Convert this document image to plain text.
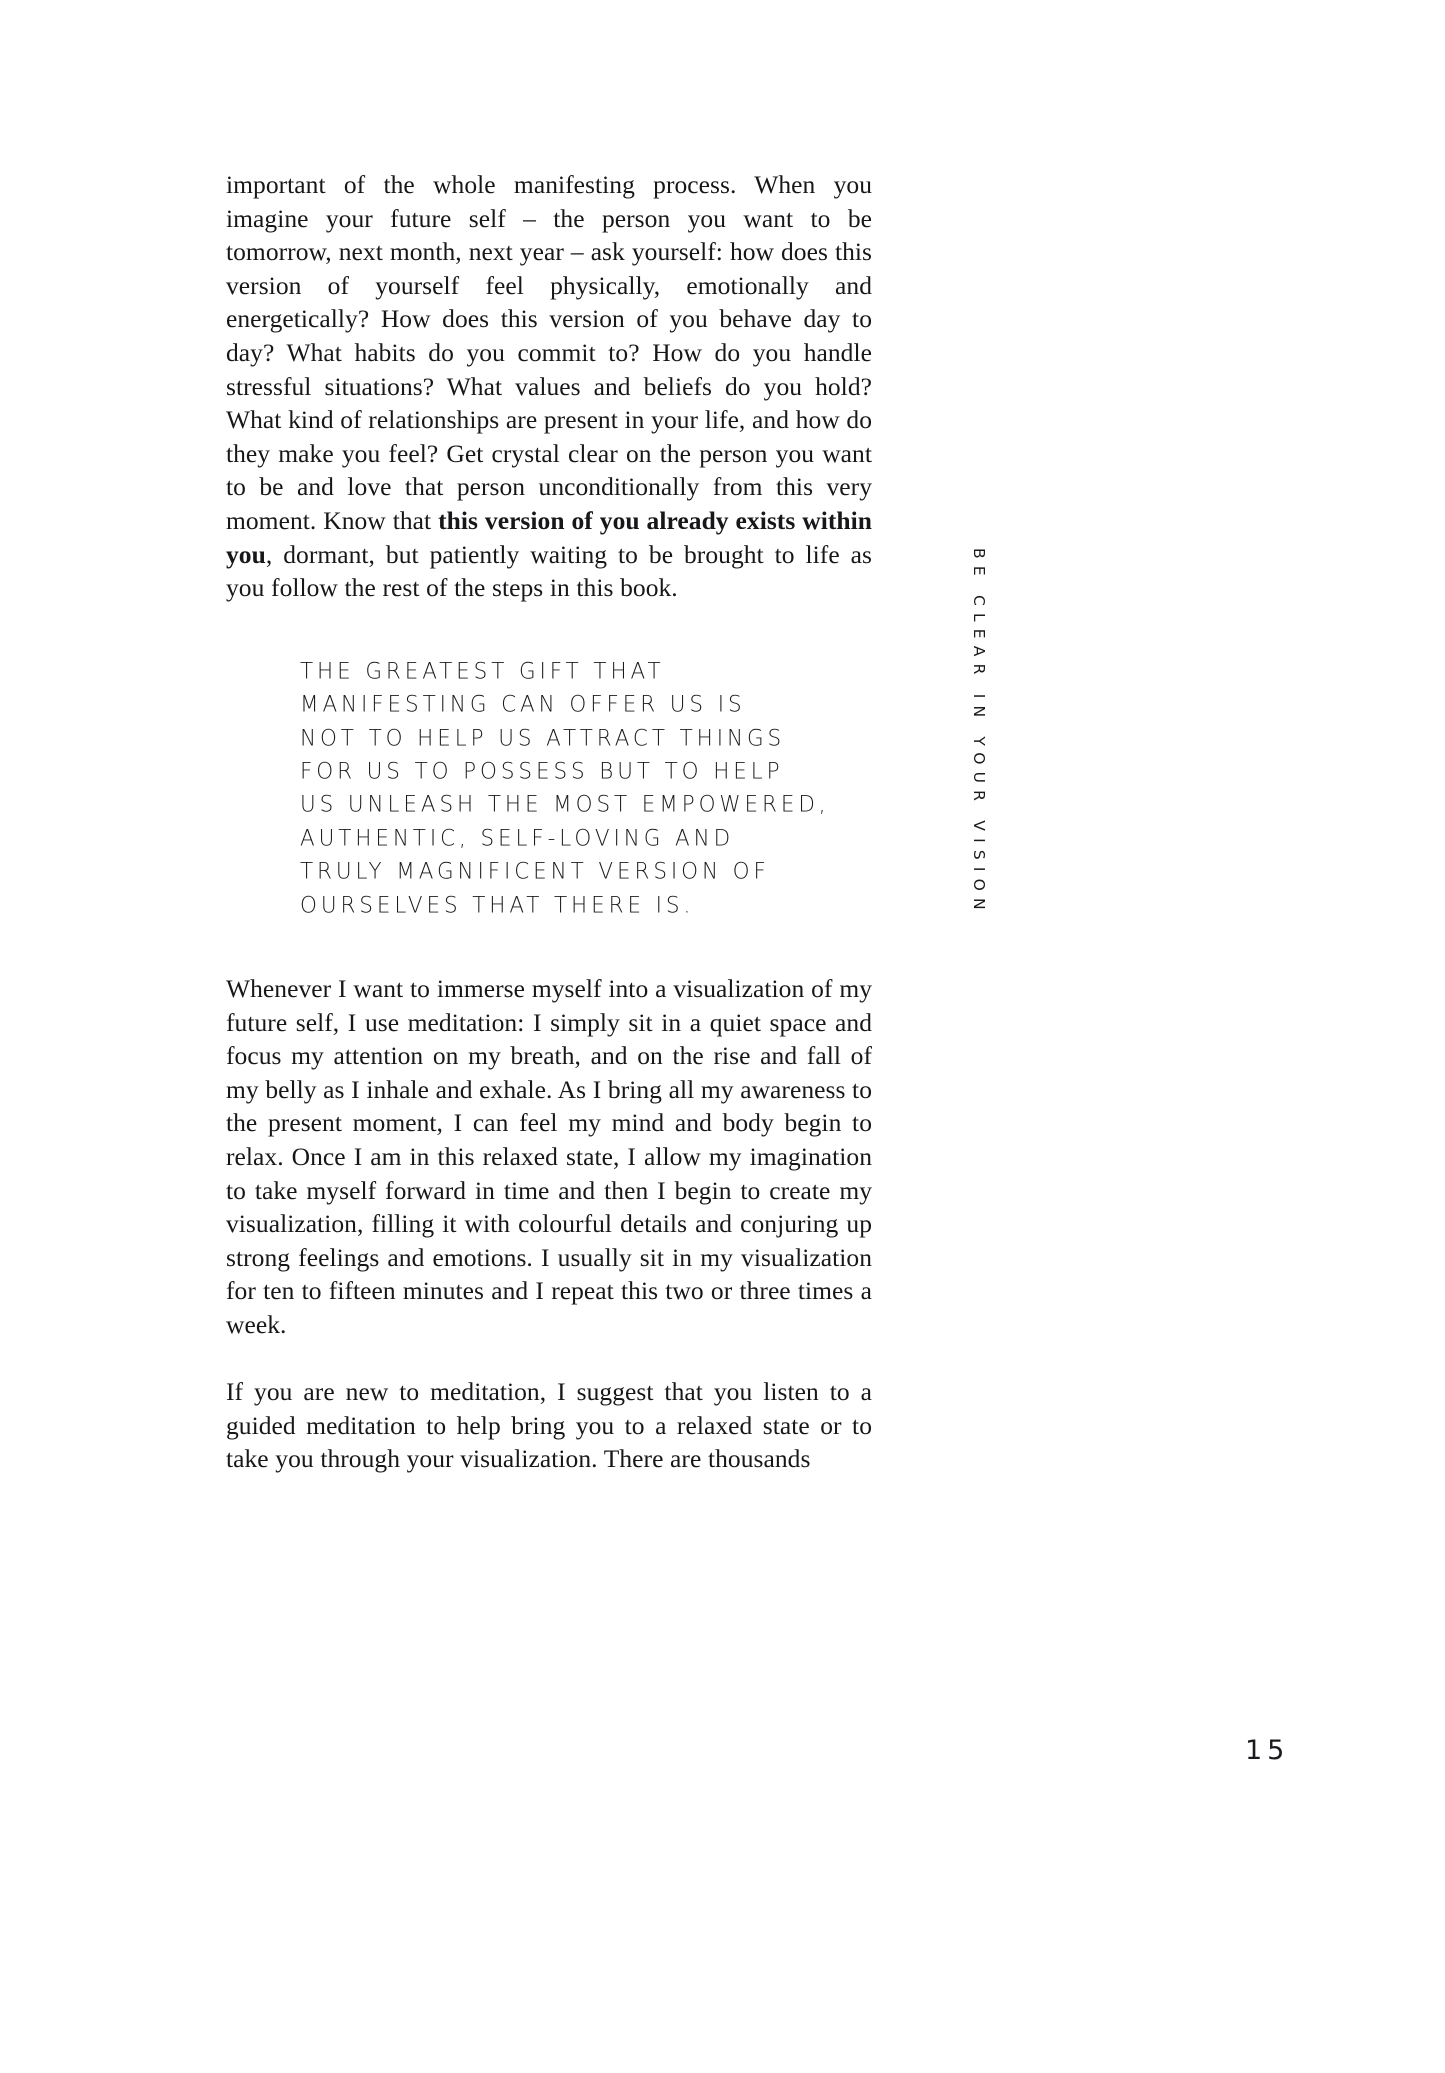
important of the whole manifesting process. When you imagine your future self – the person you want to be tomorrow, next month, next year – ask yourself: how does this version of yourself feel physically, emotionally and energetically? How does this version of you behave day to day? What habits do you commit to? How do you handle stressful situations? What values and beliefs do you hold? What kind of relationships are present in your life, and how do they make you feel? Get crystal clear on the person you want to be and love that person unconditionally from this very moment. Know that this version of you already exists within you, dormant, but patiently waiting to be brought to life as you follow the rest of the steps in this book.

THE GREATEST GIFT THAT
MANIFESTING CAN OFFER US IS
NOT TO HELP US ATTRACT THINGS
FOR US TO POSSESS BUT TO HELP
US UNLEASH THE MOST EMPOWERED,
AUTHENTIC, SELF-LOVING AND
TRULY MAGNIFICENT VERSION OF
OURSELVES THAT THERE IS.

Whenever I want to immerse myself into a visualization of my future self, I use meditation: I simply sit in a quiet space and focus my attention on my breath, and on the rise and fall of my belly as I inhale and exhale. As I bring all my awareness to the present moment, I can feel my mind and body begin to relax. Once I am in this relaxed state, I allow my imagination to take myself forward in time and then I begin to create my visualization, filling it with colourful details and conjuring up strong feelings and emotions. I usually sit in my visualization for ten to fifteen minutes and I repeat this two or three times a week.

If you are new to meditation, I suggest that you listen to a guided meditation to help bring you to a relaxed state or to take you through your visualization. There are thousands

BE CLEAR IN YOUR VISION
15
